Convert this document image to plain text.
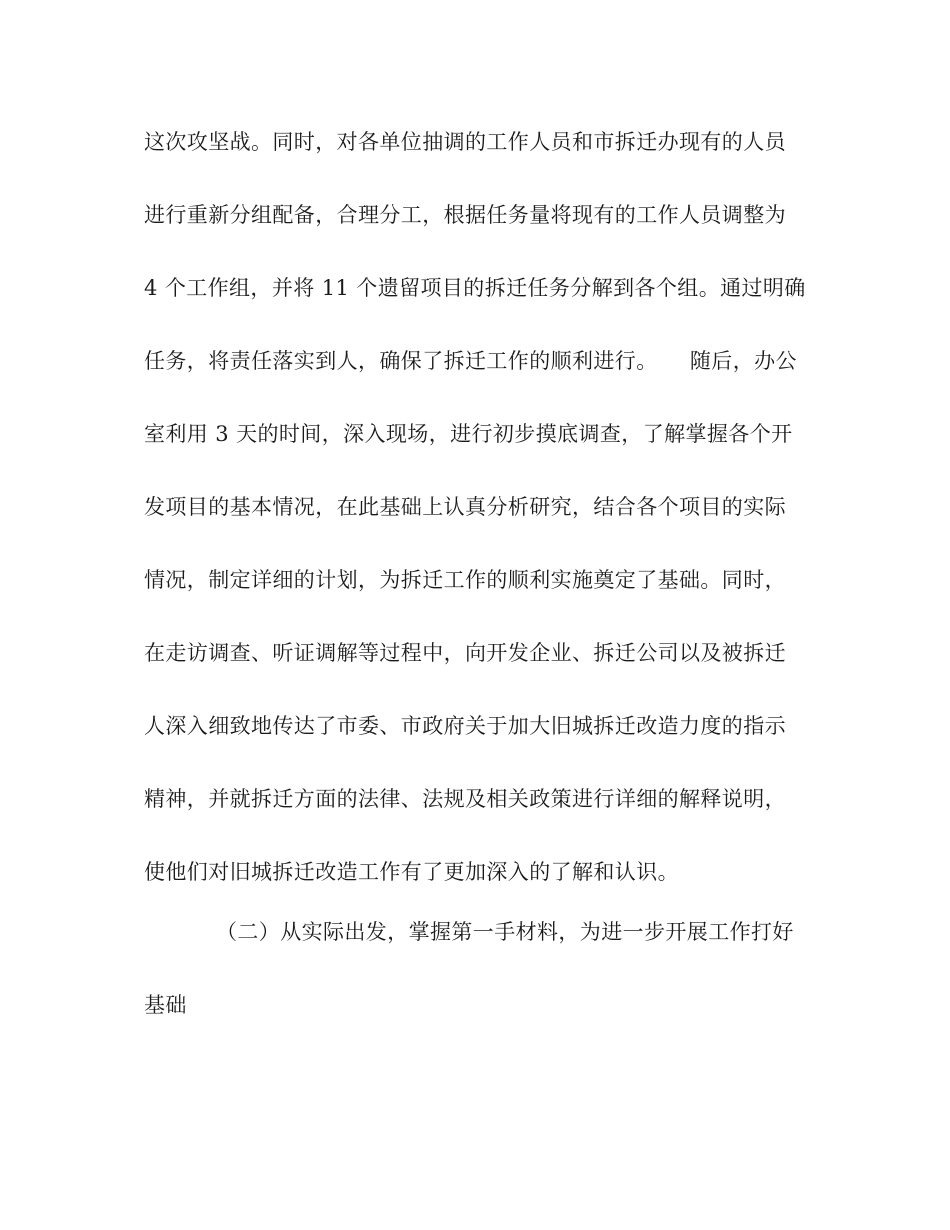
这次攻坚战。同时，对各单位抽调的工作人员和市拆迁办现有的人员
进行重新分组配备，合理分工，根据任务量将现有的工作人员调整为
4 个工作组，并将 11 个遗留项目的拆迁任务分解到各个组。通过明确
任务，将责任落实到人，确保了拆迁工作的顺利进行。　　随后，办公
室利用 3 天的时间，深入现场，进行初步摸底调查，了解掌握各个开
发项目的基本情况，在此基础上认真分析研究，结合各个项目的实际
情况，制定详细的计划，为拆迁工作的顺利实施奠定了基础。同时，
在走访调查、听证调解等过程中，向开发企业、拆迁公司以及被拆迁
人深入细致地传达了市委、市政府关于加大旧城拆迁改造力度的指示
精神，并就拆迁方面的法律、法规及相关政策进行详细的解释说明，
使他们对旧城拆迁改造工作有了更加深入的了解和认识。
（二）从实际出发，掌握第一手材料，为进一步开展工作打好
基础
